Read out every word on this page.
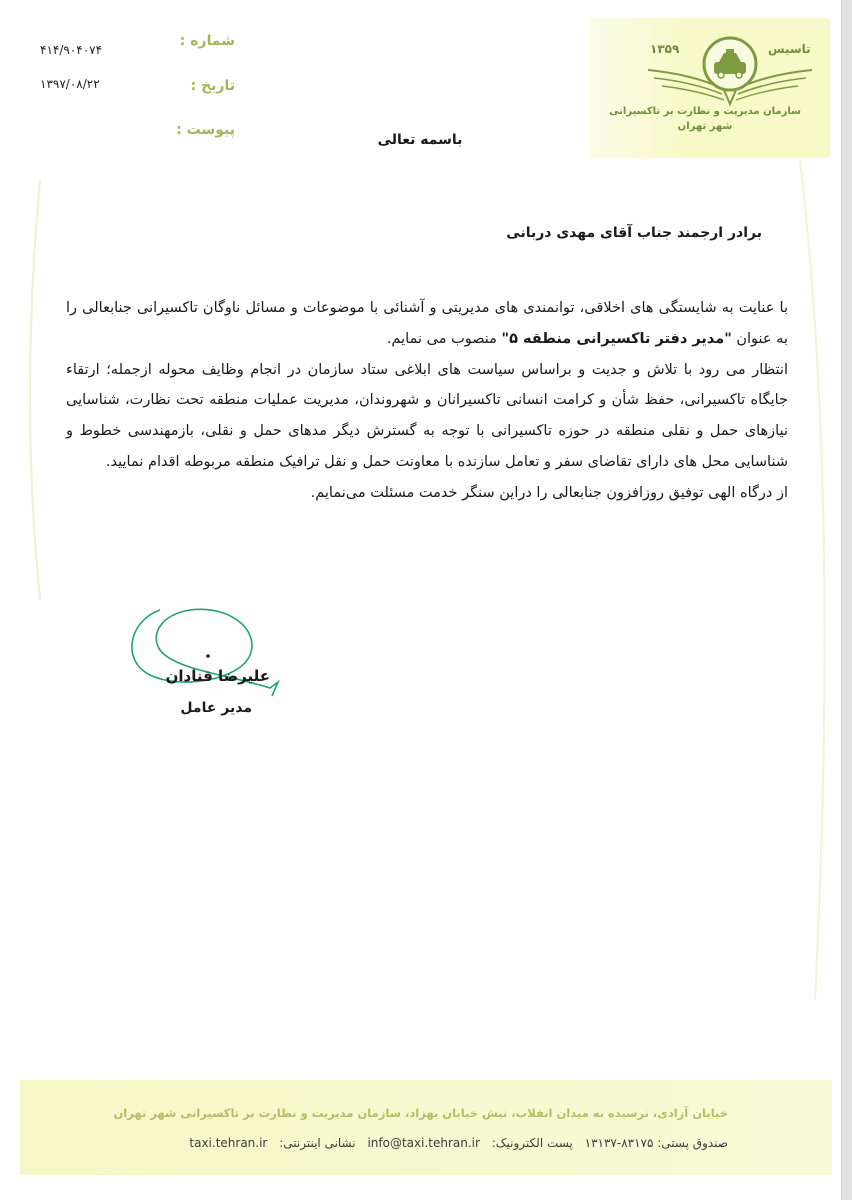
۱۳۵۹	تاسیس
سازمان مدیریت و نظارت بر تاکسیرانی
شهر تهران
شماره :
۴۱۴/۹۰۴۰۷۴
تاریخ :
۱۳۹۷/۰۸/۲۲
پیوست :
باسمه تعالی
برادر ارجمند جناب آقای مهدی دربانی

با عنایت به شایستگی های اخلاقی، توانمندی های مدیریتی و آشنائی با موضوعات و مسائل ناوگان تاکسیرانی جنابعالی را به عنوان "مدیر دفتر تاکسیرانی منطقه ۵" منصوب می نمایم.

انتظار می رود با تلاش و جدیت و براساس سیاست های ابلاغی ستاد سازمان در انجام وظایف محوله ازجمله؛ ارتقاء جایگاه تاکسیرانی، حفظ شأن و کرامت انسانی تاکسیرانان و شهروندان، مدیریت عملیات منطقه تحت نظارت، شناسایی نیازهای حمل و نقلی منطقه در حوزه تاکسیرانی با توجه به گسترش دیگر مدهای حمل و نقلی، بازمهندسی خطوط و شناسایی محل های دارای تقاضای سفر و تعامل سازنده با معاونت حمل و نقل ترافیک منطقه مربوطه اقدام نمایید.

از درگاه الهی توفیق روزافزون جنابعالی را دراین سنگر خدمت مسئلت می‌نمایم.

علیرضا قنادان
مدیر عامل
خیابان آزادی، نرسیده به میدان انقلاب، نبش خیابان بهزاد، سازمان مدیریت و نظارت بر تاکسیرانی شهر تهران
صندوق پستی: ۸۳۱۷۵-۱۳۱۳۷ پست الکترونیک: info@taxi.tehran.ir نشانی اینترنتی: taxi.tehran.ir
